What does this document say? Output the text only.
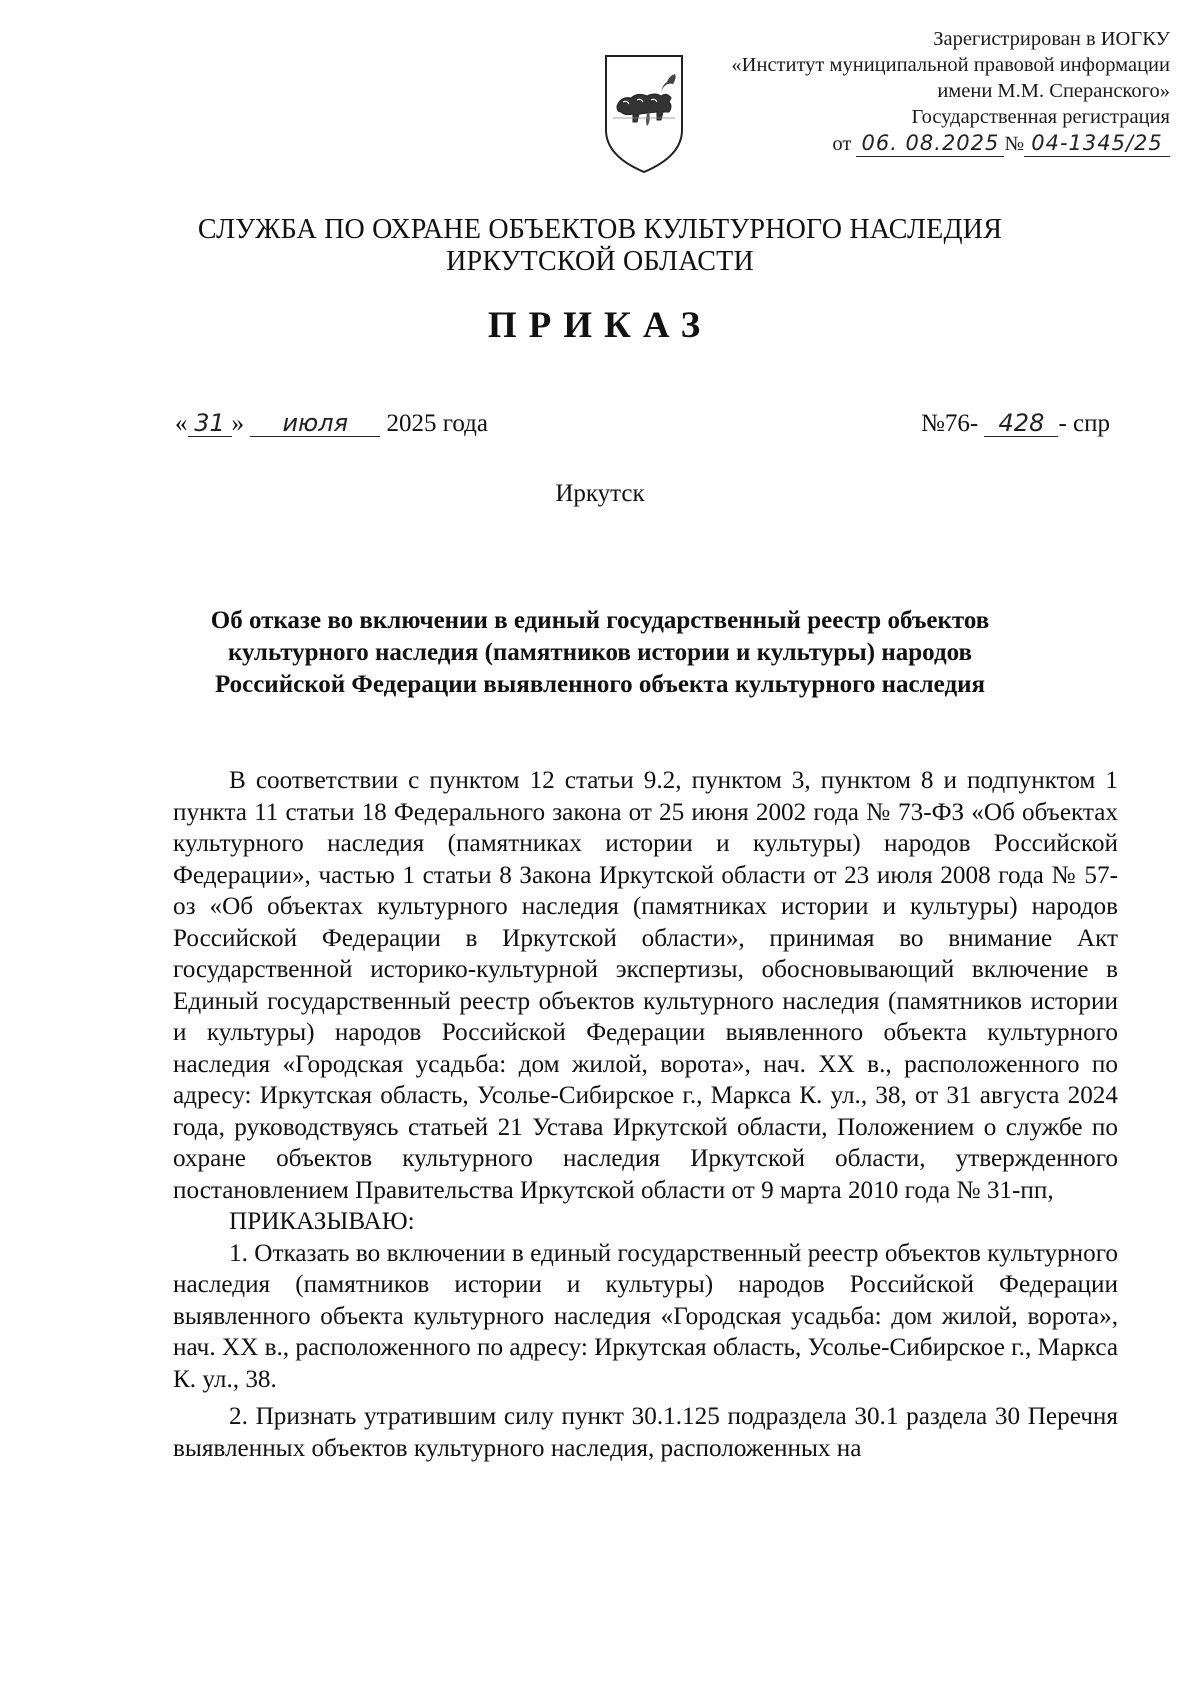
Зарегистрирован в ИОГКУ
«Институт муниципальной правовой информации
имени М.М. Сперанского»
Государственная регистрация
от 06. 08.2025 № 04-1345/25
СЛУЖБА ПО ОХРАНЕ ОБЪЕКТОВ КУЛЬТУРНОГО НАСЛЕДИЯ
ИРКУТСКОЙ ОБЛАСТИ
ПРИКАЗ
« 31 » июля 2025 года	№76- 428 - спр
Иркутск
Об отказе во включении в единый государственный реестр объектов
культурного наследия (памятников истории и культуры) народов
Российской Федерации выявленного объекта культурного наследия

В соответствии с пунктом 12 статьи 9.2, пунктом 3, пунктом 8 и подпунктом 1 пункта 11 статьи 18 Федерального закона от 25 июня 2002 года № 73-ФЗ «Об объектах культурного наследия (памятниках истории и культуры) народов Российской Федерации», частью 1 статьи 8 Закона Иркутской области от 23 июля 2008 года № 57-оз «Об объектах культурного наследия (памятниках истории и культуры) народов Российской Федерации в Иркутской области», принимая во внимание Акт государственной историко-культурной экспертизы, обосновывающий включение в Единый государственный реестр объектов культурного наследия (памятников истории и культуры) народов Российской Федерации выявленного объекта культурного наследия «Городская усадьба: дом жилой, ворота», нач. XX в., расположенного по адресу: Иркутская область, Усолье-Сибирское г., Маркса К. ул., 38, от 31 августа 2024 года, руководствуясь статьей 21 Устава Иркутской области, Положением о службе по охране объектов культурного наследия Иркутской области, утвержденного постановлением Правительства Иркутской области от 9 марта 2010 года № 31-пп,

ПРИКАЗЫВАЮ:

1. Отказать во включении в единый государственный реестр объектов культурного наследия (памятников истории и культуры) народов Российской Федерации выявленного объекта культурного наследия «Городская усадьба: дом жилой, ворота», нач. XX в., расположенного по адресу: Иркутская область, Усолье-Сибирское г., Маркса К. ул., 38.

2. Признать утратившим силу пункт 30.1.125 подраздела 30.1 раздела 30 Перечня выявленных объектов культурного наследия, расположенных на
